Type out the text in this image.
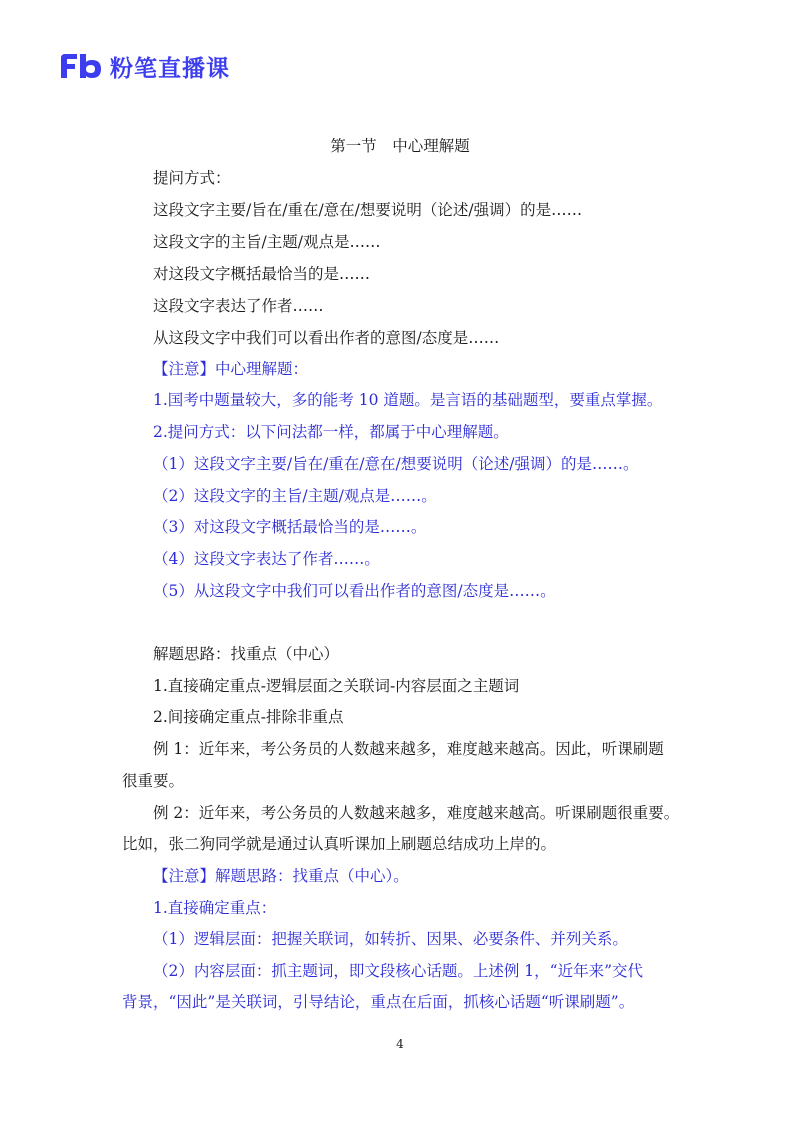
粉笔直播课
第一节　中心理解题
提问方式：
这段文字主要/旨在/重在/意在/想要说明（论述/强调）的是……
这段文字的主旨/主题/观点是……
对这段文字概括最恰当的是……
这段文字表达了作者……
从这段文字中我们可以看出作者的意图/态度是……
【注意】中心理解题：
1.国考中题量较大，多的能考 10 道题。是言语的基础题型，要重点掌握。
2.提问方式：以下问法都一样，都属于中心理解题。
（1）这段文字主要/旨在/重在/意在/想要说明（论述/强调）的是……。
（2）这段文字的主旨/主题/观点是……。
（3）对这段文字概括最恰当的是……。
（4）这段文字表达了作者……。
（5）从这段文字中我们可以看出作者的意图/态度是……。
解题思路：找重点（中心）
1.直接确定重点-逻辑层面之关联词-内容层面之主题词
2.间接确定重点-排除非重点
例 1：近年来，考公务员的人数越来越多，难度越来越高。因此，听课刷题
很重要。
例 2：近年来，考公务员的人数越来越多，难度越来越高。听课刷题很重要。
比如，张二狗同学就是通过认真听课加上刷题总结成功上岸的。
【注意】解题思路：找重点（中心）。
1.直接确定重点：
（1）逻辑层面：把握关联词，如转折、因果、必要条件、并列关系。
（2）内容层面：抓主题词，即文段核心话题。上述例 1，“近年来”交代
背景，“因此”是关联词，引导结论，重点在后面，抓核心话题“听课刷题”。
4
